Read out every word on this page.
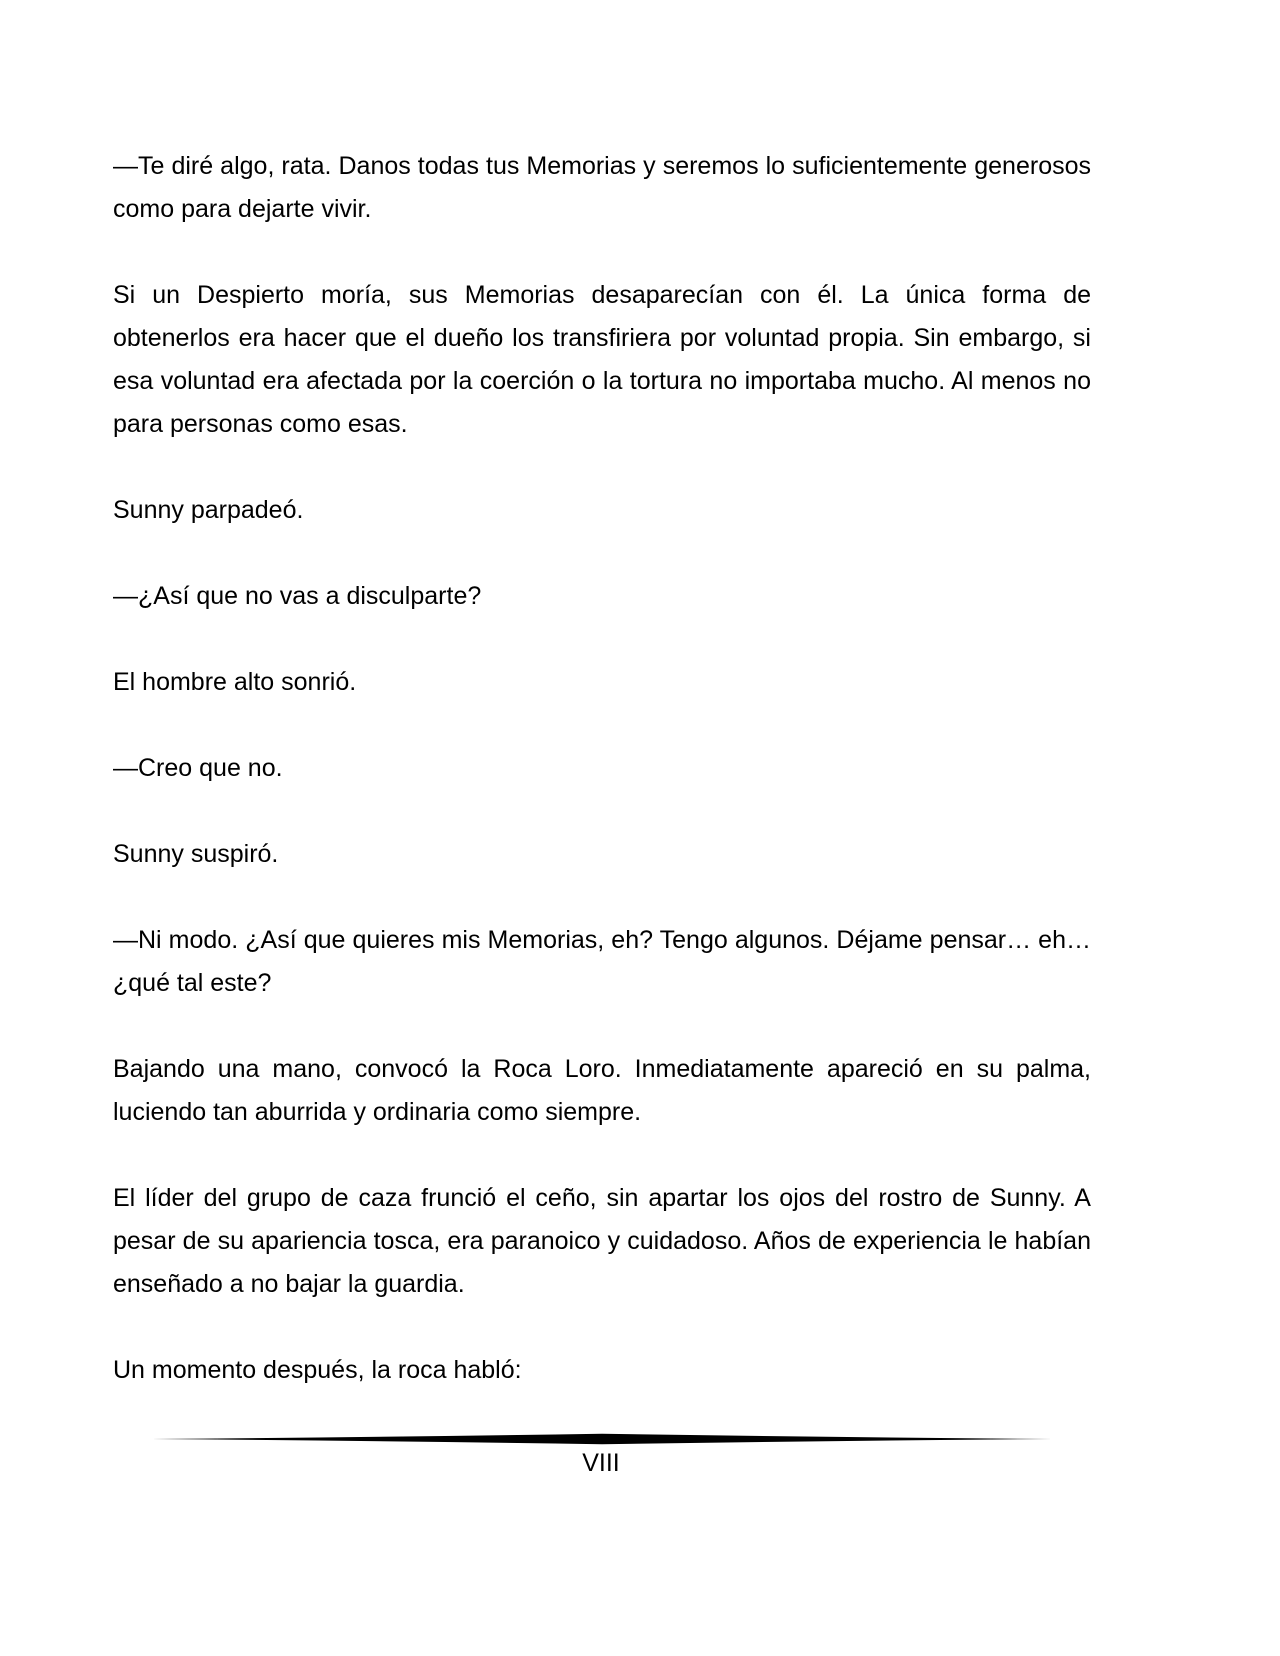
—Te diré algo, rata. Danos todas tus Memorias y seremos lo suficientemente generosos como para dejarte vivir.

Si un Despierto moría, sus Memorias desaparecían con él. La única forma de obtenerlos era hacer que el dueño los transfiriera por voluntad propia. Sin embargo, si esa voluntad era afectada por la coerción o la tortura no importaba mucho. Al menos no para personas como esas.

Sunny parpadeó.

—¿Así que no vas a disculparte?

El hombre alto sonrió.

—Creo que no.

Sunny suspiró.

—Ni modo. ¿Así que quieres mis Memorias, eh? Tengo algunos. Déjame pensar… eh… ¿qué tal este?

Bajando una mano, convocó la Roca Loro. Inmediatamente apareció en su palma, luciendo tan aburrida y ordinaria como siempre.

El líder del grupo de caza frunció el ceño, sin apartar los ojos del rostro de Sunny. A pesar de su apariencia tosca, era paranoico y cuidadoso. Años de experiencia le habían enseñado a no bajar la guardia.

Un momento después, la roca habló:

VIII
